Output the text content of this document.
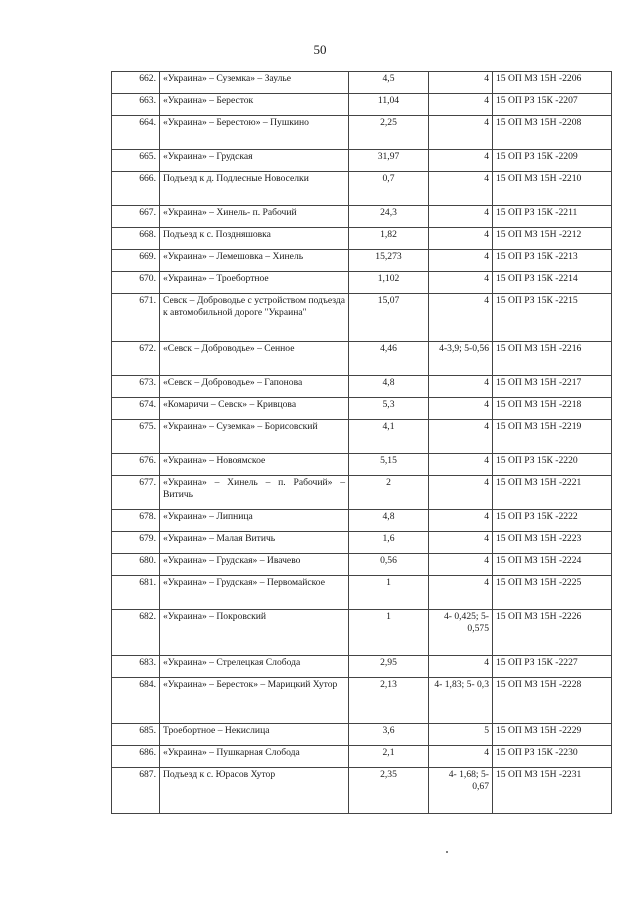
50
662.	«Украина» – Суземка» – Заулье	4,5	4	15 ОП МЗ 15Н -2206
663.	«Украина» – Бересток	11,04	4	15 ОП РЗ 15К -2207
664.	«Украина» – Берестою» – Пушкино	2,25	4	15 ОП МЗ 15Н -2208
665.	«Украина» – Грудская	31,97	4	15 ОП РЗ 15К -2209
666.	Подъезд к д. Подлесные Новоселки	0,7	4	15 ОП МЗ 15Н -2210
667.	«Украина» – Хинель- п. Рабочий	24,3	4	15 ОП РЗ 15К -2211
668.	Подъезд к с. Поздняшовка	1,82	4	15 ОП МЗ 15Н -2212
669.	«Украина» – Лемешовка – Хинель	15,273	4	15 ОП РЗ 15К -2213
670.	«Украина» – Троебортное	1,102	4	15 ОП РЗ 15К -2214
671.	Севск – Доброводье с устройством подъезда к автомобильной дороге "Украина"	15,07	4	15 ОП РЗ 15К -2215
672.	«Севск – Доброводье» – Сенное	4,46	4-3,9; 5-0,56	15 ОП МЗ 15Н -2216
673.	«Севск – Доброводье» – Гапонова	4,8	4	15 ОП МЗ 15Н -2217
674.	«Комаричи – Севск» – Кривцова	5,3	4	15 ОП МЗ 15Н -2218
675.	«Украина» – Суземка» – Борисовский	4,1	4	15 ОП МЗ 15Н -2219
676.	«Украина» – Новоямское	5,15	4	15 ОП РЗ 15К -2220
677.	«Украина» – Хинель – п. Рабочий» – Витичь	2	4	15 ОП МЗ 15Н -2221
678.	«Украина» – Липница	4,8	4	15 ОП РЗ 15К -2222
679.	«Украина» – Малая Витичь	1,6	4	15 ОП МЗ 15Н -2223
680.	«Украина» – Грудская» – Ивачево	0,56	4	15 ОП МЗ 15Н -2224
681.	«Украина» – Грудская» – Первомайское	1	4	15 ОП МЗ 15Н -2225
682.	«Украина» – Покровский	1	4- 0,425; 5- 0,575	15 ОП МЗ 15Н -2226
683.	«Украина» – Стрелецкая Слобода	2,95	4	15 ОП РЗ 15К -2227
684.	«Украина» – Бересток» – Марицкий Хутор	2,13	4- 1,83; 5- 0,3	15 ОП МЗ 15Н -2228
685.	Троебортное – Некислица	3,6	5	15 ОП МЗ 15Н -2229
686.	«Украина» – Пушкарная Слобода	2,1	4	15 ОП РЗ 15К -2230
687.	Подъезд к с. Юрасов Хутор	2,35	4- 1,68; 5-0,67	15 ОП МЗ 15Н -2231
